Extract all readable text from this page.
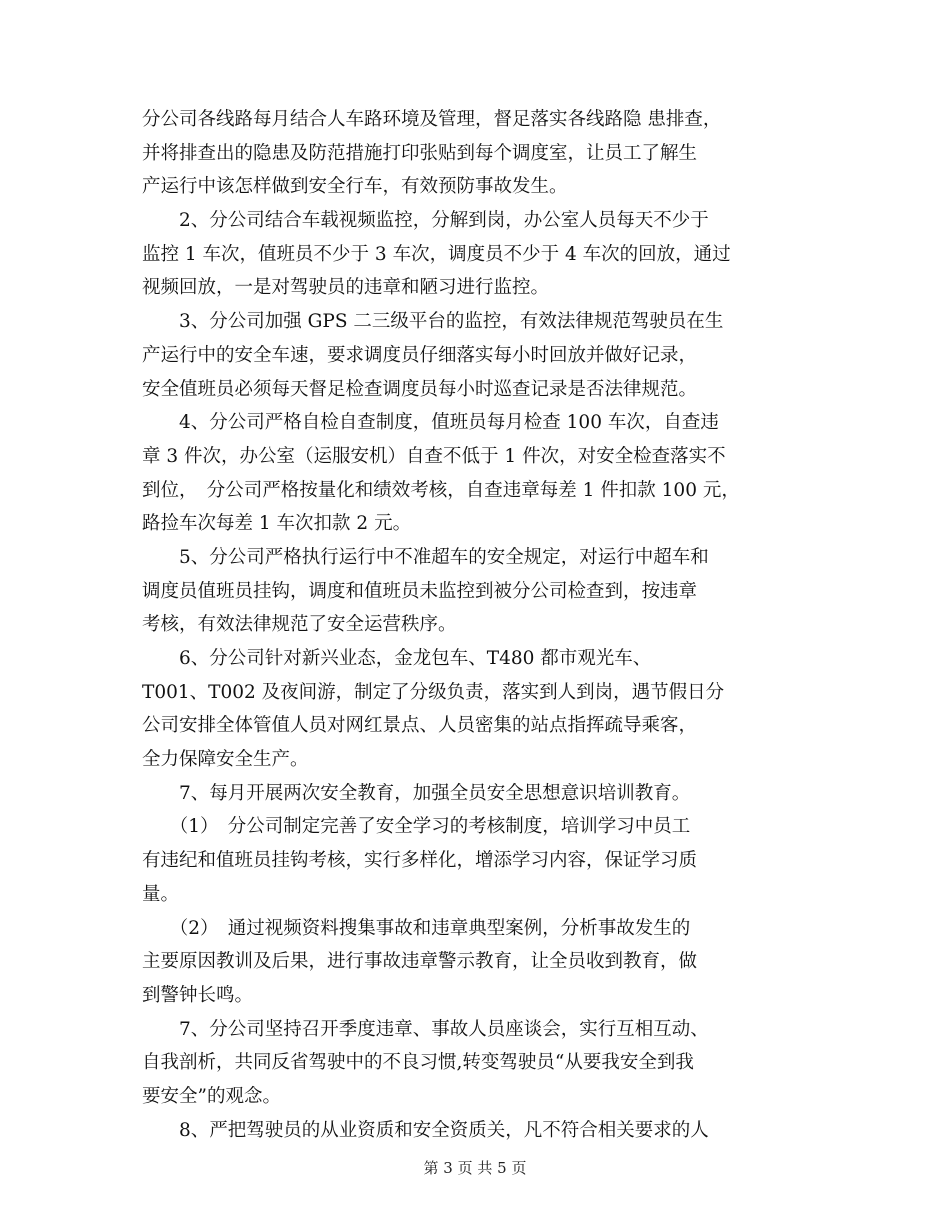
分公司各线路每月结合人车路环境及管理，督足落实各线路隐 患排查，
并将排查出的隐患及防范措施打印张贴到每个调度室，让员工了解生
产运行中该怎样做到安全行车，有效预防事故发生。
　　2、分公司结合车载视频监控，分解到岗，办公室人员每天不少于
监控 1 车次，值班员不少于 3 车次，调度员不少于 4 车次的回放，通过
视频回放，一是对驾驶员的违章和陋习进行监控。
　　3、分公司加强 GPS 二三级平台的监控，有效法律规范驾驶员在生
产运行中的安全车速，要求调度员仔细落实每小时回放并做好记录，
安全值班员必须每天督足检查调度员每小时巡查记录是否法律规范。
　　4、分公司严格自检自查制度，值班员每月检查 100 车次，自查违
章 3 件次，办公室（运服安机）自查不低于 1 件次，对安全检查落实不
到位，　分公司严格按量化和绩效考核，自查违章每差 1 件扣款 100 元，
路捡车次每差 1 车次扣款 2 元。
　　5、分公司严格执行运行中不准超车的安全规定，对运行中超车和
调度员值班员挂钩，调度和值班员未监控到被分公司检查到，按违章
考核，有效法律规范了安全运营秩序。
　　6、分公司针对新兴业态，金龙包车、T480 都市观光车、
T001、T002 及夜间游，制定了分级负责，落实到人到岗，遇节假日分
公司安排全体管值人员对网红景点、人员密集的站点指挥疏导乘客，
全力保障安全生产。
　　7、每月开展两次安全教育，加强全员安全思想意识培训教育。
　　（1）　分公司制定完善了安全学习的考核制度，培训学习中员工
有违纪和值班员挂钩考核，实行多样化，增添学习内容，保证学习质
量。
　　（2）　通过视频资料搜集事故和违章典型案例，分析事故发生的
主要原因教训及后果，进行事故违章警示教育，让全员收到教育，做
到警钟长鸣。
　　7、分公司坚持召开季度违章、事故人员座谈会，实行互相互动、
自我剖析，共同反省驾驶中的不良习惯,转变驾驶员“从要我安全到我
要安全”的观念。
　　8、严把驾驶员的从业资质和安全资质关，凡不符合相关要求的人
第 3 页 共 5 页
